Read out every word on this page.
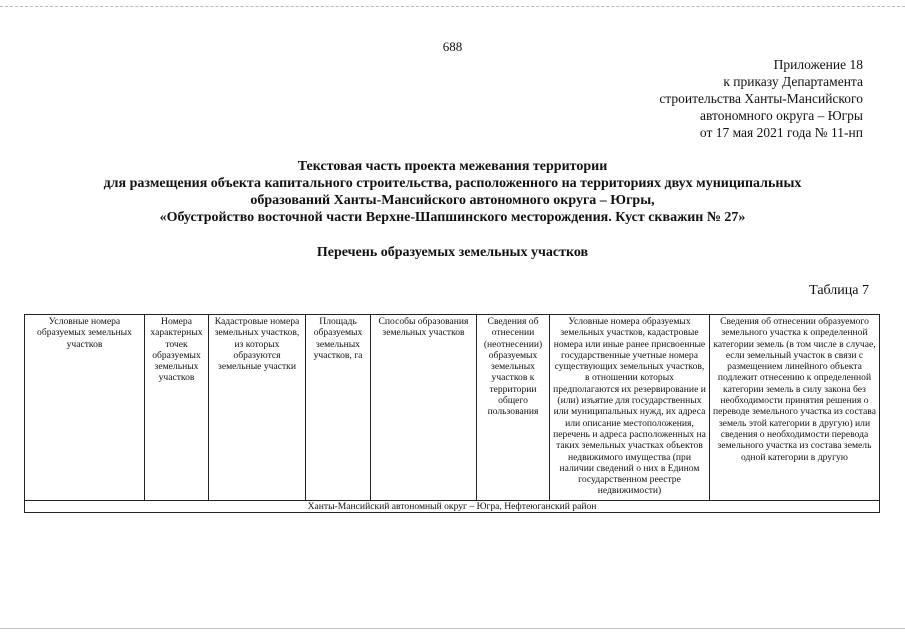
688
Приложение 18
к приказу Департамента
строительства Ханты-Мансийского
автономного округа – Югры
от 17 мая 2021 года № 11-нп
Текстовая часть проекта межевания территории
для размещения объекта капитального строительства, расположенного на территориях двух муниципальных
образований Ханты-Мансийского автономного округа – Югры,
«Обустройство восточной части Верхне-Шапшинского месторождения. Куст скважин № 27»
Перечень образуемых земельных участков
Таблица 7
Условные номера образуемых земельных участков	Номера характерных точек образуемых земельных участков	Кадастровые номера земельных участков, из которых образуются земельные участки	Площадь образуемых земельных участков, га	Способы образования земельных участков	Сведения об отнесении (неотнесении) образуемых земельных участков к территории общего пользования	Условные номера образуемых земельных участков, кадастровые номера или иные ранее присвоенные государственные учетные номера существующих земельных участков, в отношении которых предполагаются их резервирование и (или) изъятие для государственных или муниципальных нужд, их адреса или описание местоположения, перечень и адреса расположенных на таких земельных участках объектов недвижимого имущества (при наличии сведений о них в Едином государственном реестре недвижимости)	Сведения об отнесении образуемого земельного участка к определенной категории земель (в том числе в случае, если земельный участок в связи с размещением линейного объекта подлежит отнесению к определенной категории земель в силу закона без необходимости принятия решения о переводе земельного участка из состава земель этой категории в другую) или сведения о необходимости перевода земельного участка из состава земель одной категории в другую
Ханты-Мансийский автономный округ – Югра, Нефтеюганский район
